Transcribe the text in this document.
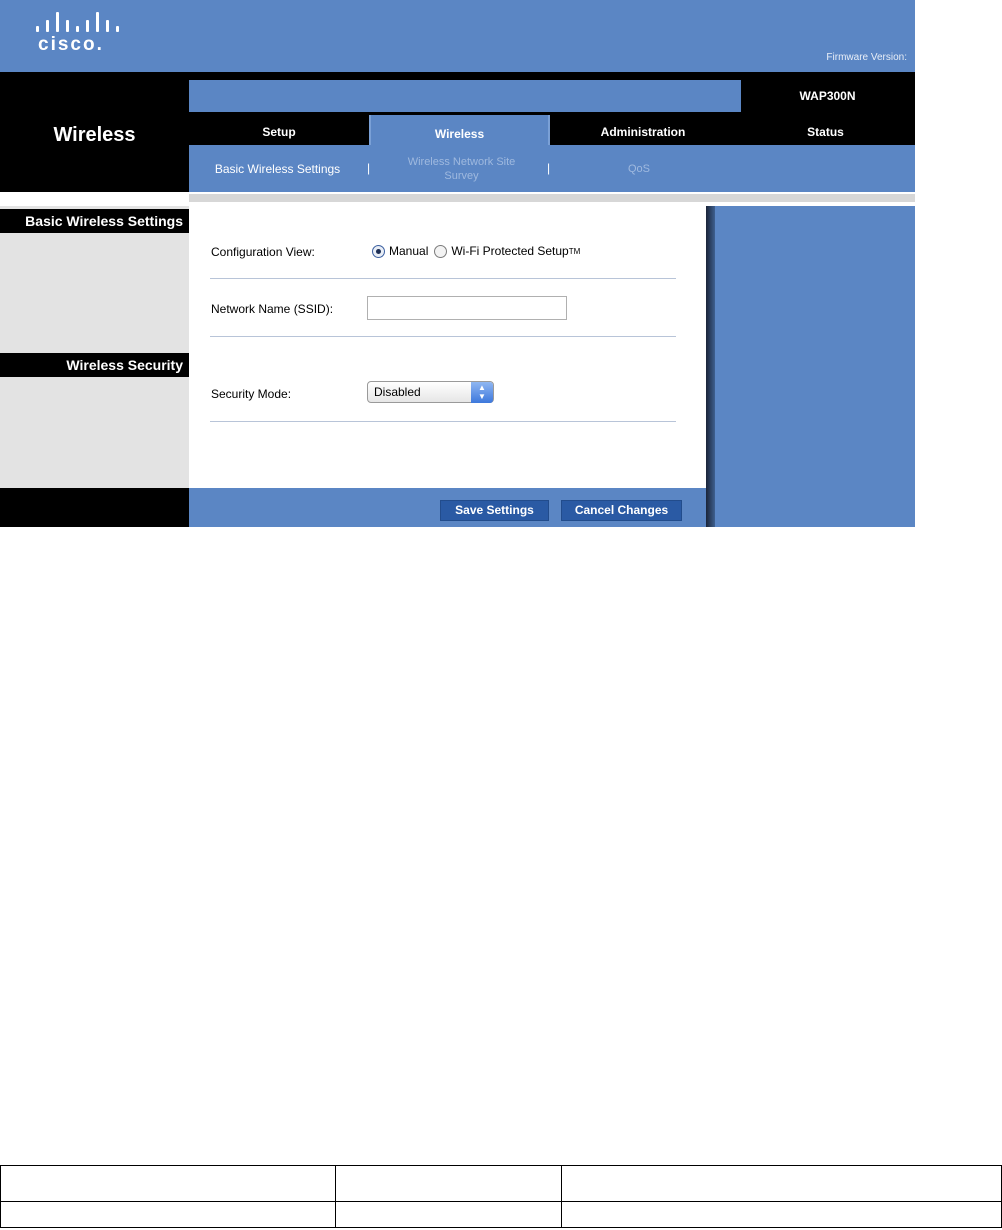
cisco.
Firmware Version:
Wireless
WAP300N
Setup	Wireless	Administration	Status
Basic Wireless Settings	|	Wireless Network Site Survey
|	QoS
Basic Wireless Settings
Wireless Security
Configuration View:	Manual Wi-Fi Protected Setup TM
Network Name (SSID):
Security Mode:	Disabled	▲
▼
Save Settings	Cancel Changes
